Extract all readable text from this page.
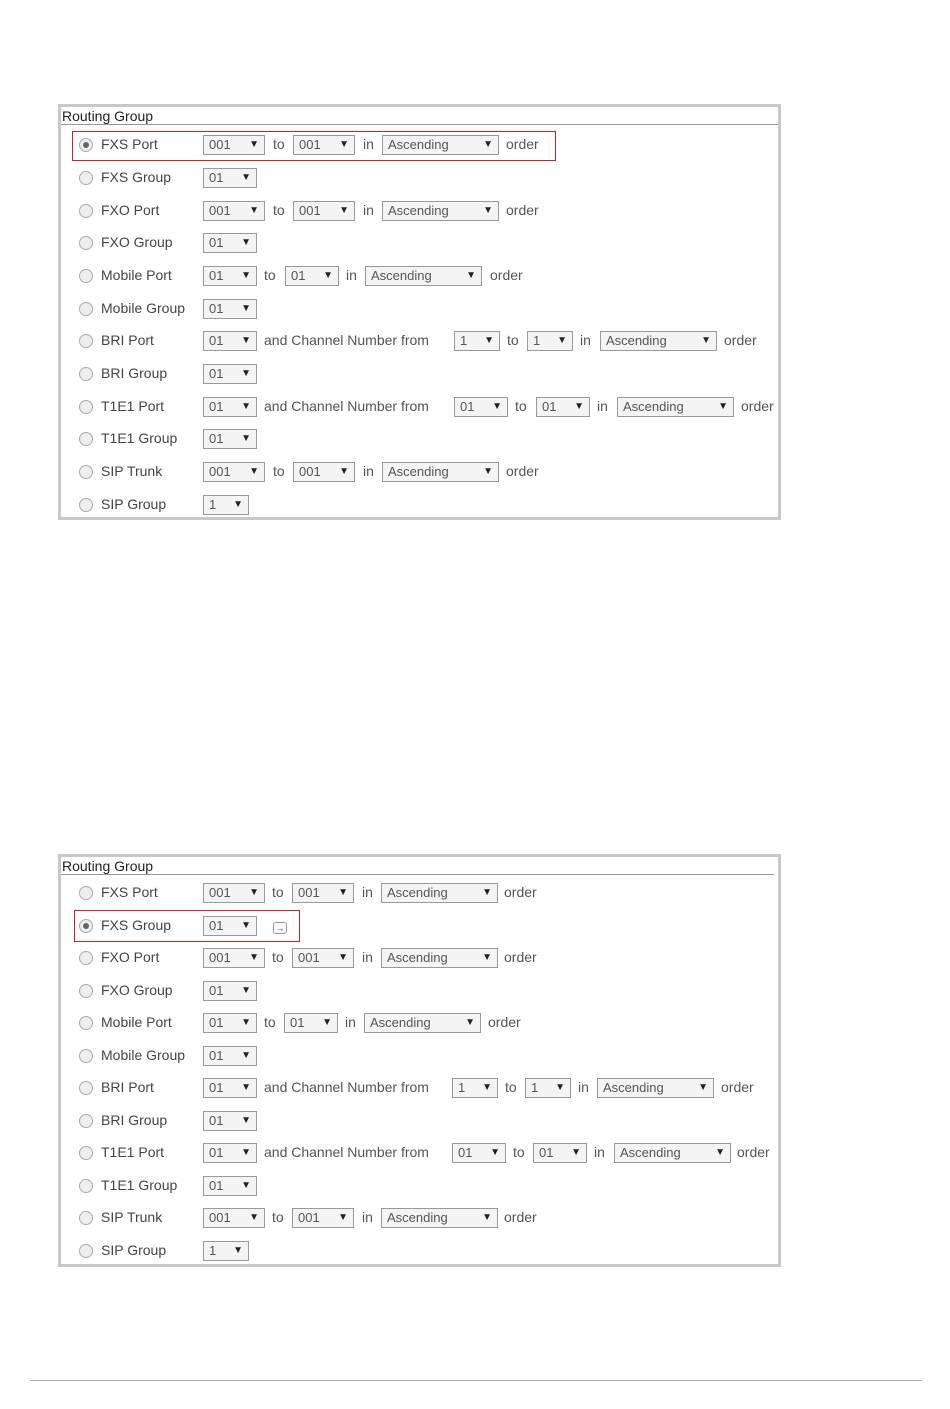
Routing Group
FXS Port	001 ▼ to	001 ▼ in	Ascending	▼ order
FXS Group	01 ▼
FXO Port	001 ▼ to	001 ▼ in	Ascending	▼ order
FXO Group	01 ▼
Mobile Port	01 ▼ to	01 ▼ in	Ascending	▼ order
Mobile Group	01 ▼
BRI Port	01 ▼ and Channel Number from	1 ▼ to	1 ▼ in	Ascending	▼ order
BRI Group	01 ▼
T1E1 Port	01 ▼ and Channel Number from	01 ▼ to	01 ▼ in	Ascending	▼ order
T1E1 Group	01 ▼
SIP Trunk	001 ▼ to	001 ▼ in	Ascending	▼ order
SIP Group	1 ▼
Routing Group
FXS Port	001 ▼ to	001 ▼ in	Ascending	▼ order
FXS Group	01 ▼	→
FXO Port	001 ▼ to	001 ▼ in	Ascending	▼ order
FXO Group	01 ▼
Mobile Port	01 ▼ to	01 ▼ in	Ascending	▼ order
Mobile Group	01 ▼
BRI Port	01 ▼ and Channel Number from	1 ▼ to	1 ▼ in	Ascending	▼ order
BRI Group	01 ▼
T1E1 Port	01 ▼ and Channel Number from	01 ▼ to	01 ▼ in	Ascending	▼ order
T1E1 Group	01 ▼
SIP Trunk	001 ▼ to	001 ▼ in	Ascending	▼ order
SIP Group	1 ▼
